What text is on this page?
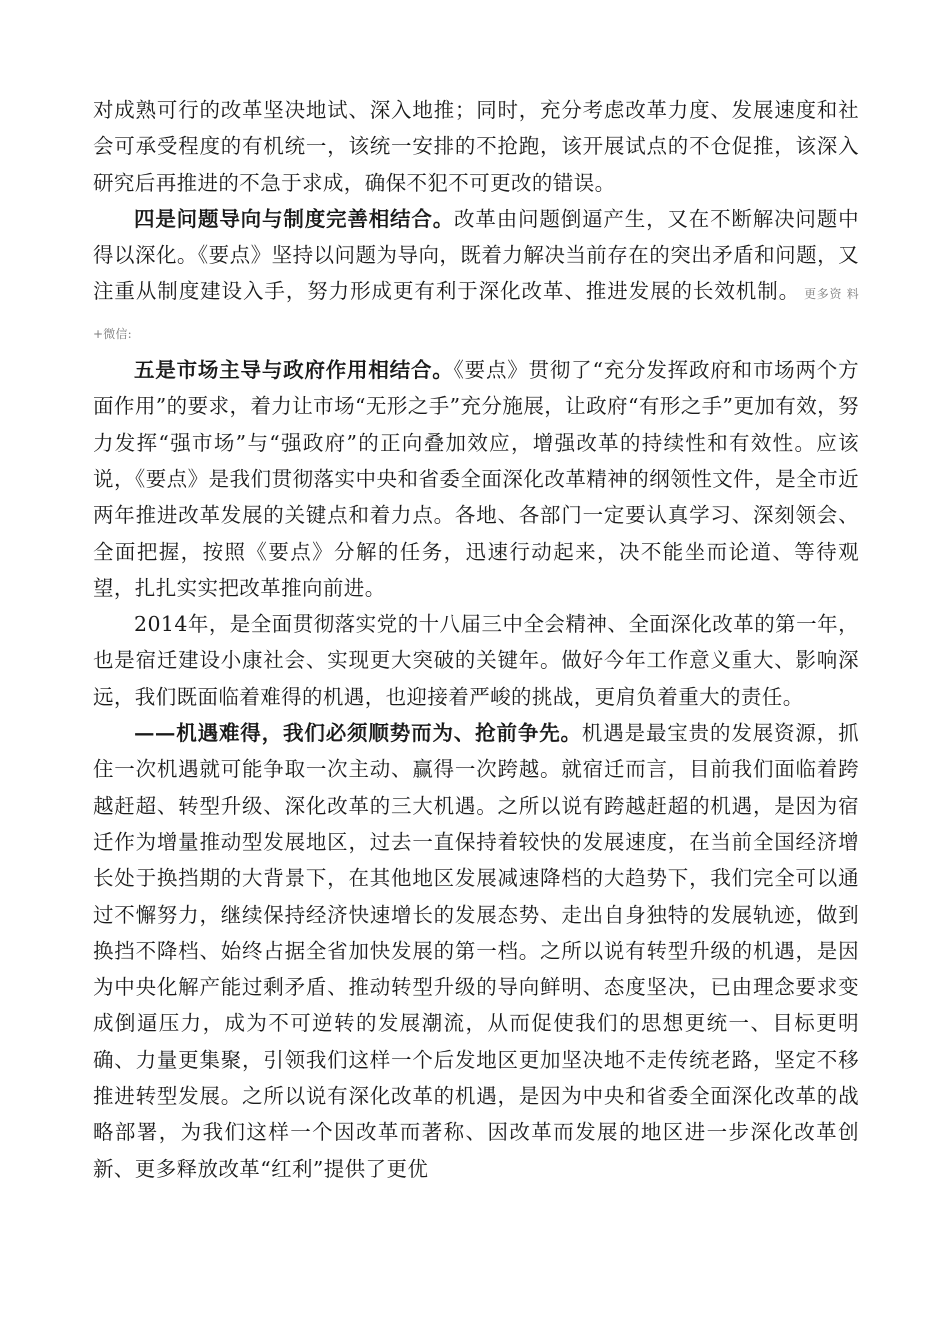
对成熟可行的改革坚决地试、深入地推；同时，充分考虑改革力度、发展速度和社会可承受程度的有机统一，该统一安排的不抢跑，该开展试点的不仓促推，该深入研究后再推进的不急于求成，确保不犯不可更改的错误。

四是问题导向与制度完善相结合。改革由问题倒逼产生，又在不断解决问题中得以深化。《要点》坚持以问题为导向，既着力解决当前存在的突出矛盾和问题，又注重从制度建设入手，努力形成更有利于深化改革、推进发展的长效机制。 更多资 料+微信:

五是市场主导与政府作用相结合。《要点》贯彻了“充分发挥政府和市场两个方面作用”的要求，着力让市场“无形之手”充分施展，让政府“有形之手”更加有效，努力发挥“强市场”与“强政府”的正向叠加效应，增强改革的持续性和有效性。应该说，《要点》是我们贯彻落实中央和省委全面深化改革精神的纲领性文件，是全市近两年推进改革发展的关键点和着力点。各地、各部门一定要认真学习、深刻领会、全面把握，按照《要点》分解的任务，迅速行动起来，决不能坐而论道、等待观望，扎扎实实把改革推向前进。

2014年，是全面贯彻落实党的十八届三中全会精神、全面深化改革的第一年，也是宿迁建设小康社会、实现更大突破的关键年。做好今年工作意义重大、影响深远，我们既面临着难得的机遇，也迎接着严峻的挑战，更肩负着重大的责任。

——机遇难得，我们必须顺势而为、抢前争先。机遇是最宝贵的发展资源，抓住一次机遇就可能争取一次主动、赢得一次跨越。就宿迁而言，目前我们面临着跨越赶超、转型升级、深化改革的三大机遇。之所以说有跨越赶超的机遇，是因为宿迁作为增量推动型发展地区，过去一直保持着较快的发展速度，在当前全国经济增长处于换挡期的大背景下，在其他地区发展减速降档的大趋势下，我们完全可以通过不懈努力，继续保持经济快速增长的发展态势、走出自身独特的发展轨迹，做到换挡不降档、始终占据全省加快发展的第一档。之所以说有转型升级的机遇，是因为中央化解产能过剩矛盾、推动转型升级的导向鲜明、态度坚决，已由理念要求变成倒逼压力，成为不可逆转的发展潮流，从而促使我们的思想更统一、目标更明确、力量更集聚，引领我们这样一个后发地区更加坚决地不走传统老路，坚定不移推进转型发展。之所以说有深化改革的机遇，是因为中央和省委全面深化改革的战略部署，为我们这样一个因改革而著称、因改革而发展的地区进一步深化改革创新、更多释放改革“红利”提供了更优
